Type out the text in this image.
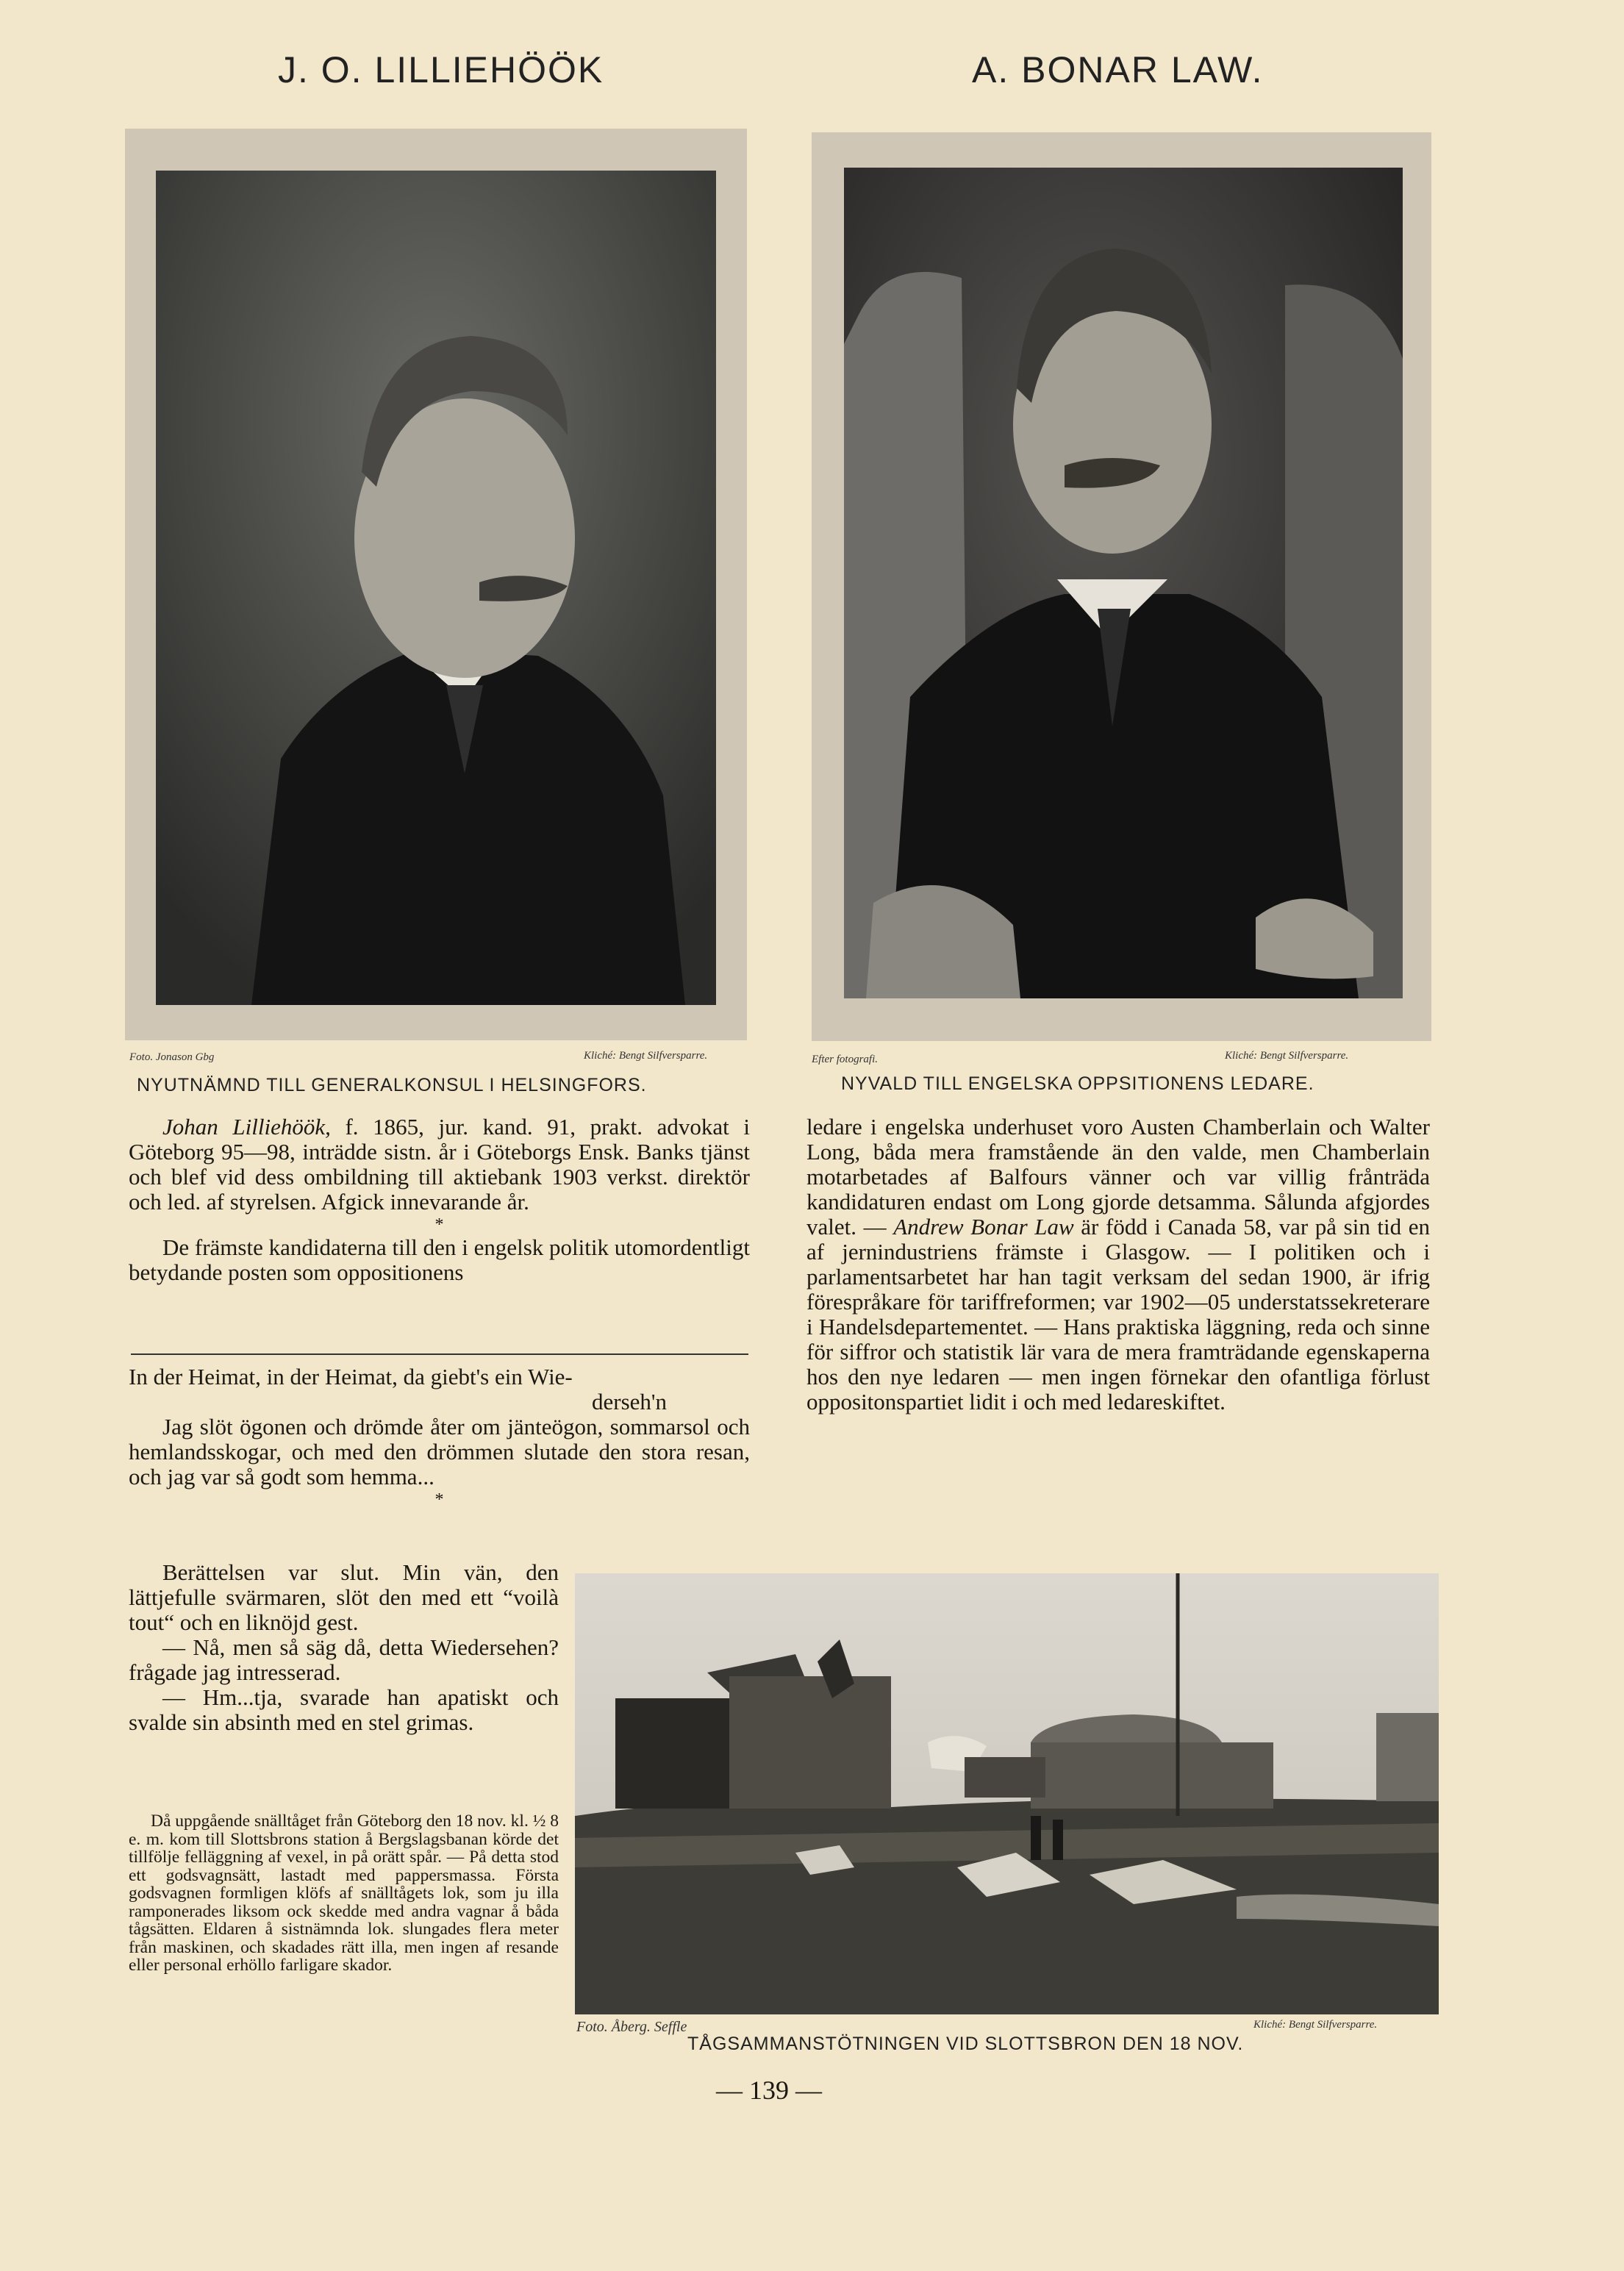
J. O. LILLIEHÖÖK	A. BONAR LAW.
Foto. Jonason Gbg	Kliché: Bengt Silfversparre.
NYUTNÄMND TILL GENERALKONSUL I HELSINGFORS.
Efter fotografi.	Kliché: Bengt Silfversparre.
NYVALD TILL ENGELSKA OPPSITIONENS LEDARE.

Johan Lilliehöök, f. 1865, jur. kand. 91, prakt. advokat i Göteborg 95—98, inträdde sistn. år i Göteborgs Ensk. Banks tjänst och blef vid dess ombildning till aktiebank 1903 verkst. direktör och led. af styrelsen. Afgick innevarande år.

*

De främste kandidaterna till den i engelsk politik utomordentligt betydande posten som oppositionens

In der Heimat, in der Heimat, da giebt's ein Wie-

derseh'n

Jag slöt ögonen och drömde åter om jänteögon, sommarsol och hemlandsskogar, och med den drömmen slutade den stora resan, och jag var så godt som hemma...

*

Berättelsen var slut. Min vän, den lättjefulle svärmaren, slöt den med ett “voilà tout“ och en liknöjd gest.

— Nå, men så säg då, detta Wiedersehen? frågade jag intresserad.

— Hm...tja, svarade han apatiskt och svalde sin absinth med en stel grimas.

Då uppgående snälltåget från Göteborg den 18 nov. kl. ½ 8 e. m. kom till Slottsbrons station å Bergslagsbanan körde det tillfölje felläggning af vexel, in på orätt spår. — På detta stod ett godsvagnsätt, lastadt med pappersmassa. Första godsvagnen formligen klöfs af snälltågets lok, som ju illa ramponerades liksom ock skedde med andra vagnar å båda tågsätten. Eldaren å sistnämnda lok. slungades flera meter från maskinen, och skadades rätt illa, men ingen af resande eller personal erhöllo farligare skador.

ledare i engelska underhuset voro Austen Chamberlain och Walter Long, båda mera framstående än den valde, men Chamberlain motarbetades af Balfours vänner och var villig frånträda kandidaturen endast om Long gjorde detsamma. Sålunda afgjordes valet. — Andrew Bonar Law är född i Canada 58, var på sin tid en af jernindustriens främste i Glasgow. — I politiken och i parlamentsarbetet har han tagit verksam del sedan 1900, är ifrig förespråkare för tariffreformen; var 1902—05 understatssekreterare i Handelsdepartementet. — Hans praktiska läggning, reda och sinne för siffror och statistik lär vara de mera framträdande egenskaperna hos den nye ledaren — men ingen förnekar den ofantliga förlust oppositonspartiet lidit i och med ledareskiftet.

Foto. Åberg. Seffle	Kliché: Bengt Silfversparre.
TÅGSAMMANSTÖTNINGEN VID SLOTTSBRON DEN 18 NOV.
— 139 —
